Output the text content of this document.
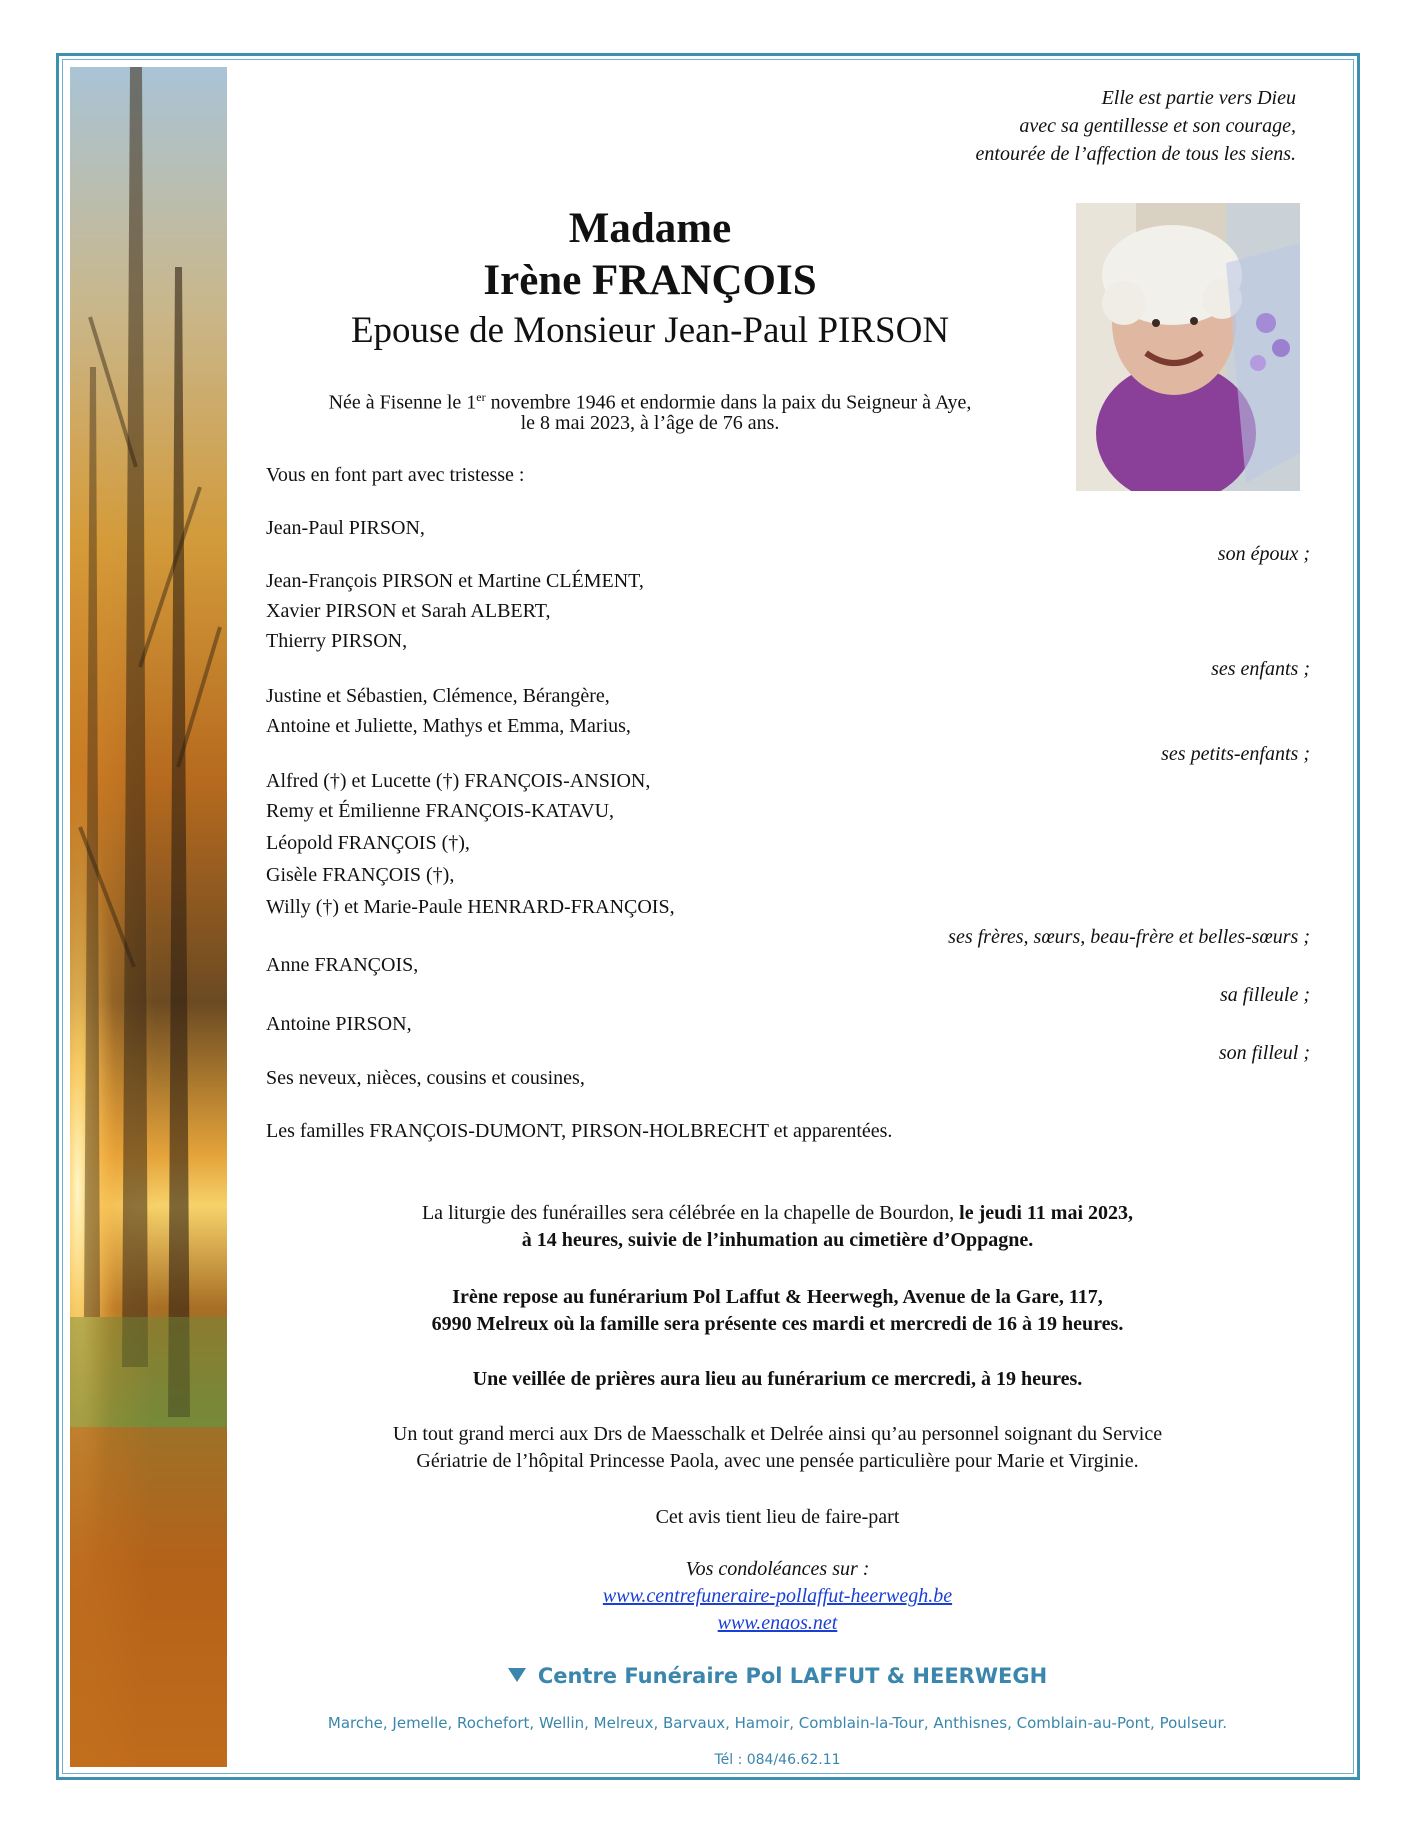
Elle est partie vers Dieu
avec sa gentillesse et son courage,
entourée de l’affection de tous les siens.
Madame
Irène FRANÇOIS
Epouse de Monsieur Jean-Paul PIRSON
Née à Fisenne le 1er novembre 1946 et endormie dans la paix du Seigneur à Aye,
le 8 mai 2023, à l’âge de 76 ans.
Vous en font part avec tristesse :
Jean-Paul PIRSON,
son époux ;
Jean-François PIRSON et Martine CLÉMENT,
Xavier PIRSON et Sarah ALBERT,
Thierry PIRSON,
ses enfants ;
Justine et Sébastien, Clémence, Bérangère,
Antoine et Juliette, Mathys et Emma, Marius,
ses petits-enfants ;
Alfred (†) et Lucette (†) FRANÇOIS-ANSION,
Remy et Émilienne FRANÇOIS-KATAVU,
Léopold FRANÇOIS (†),
Gisèle FRANÇOIS (†),
Willy (†) et Marie-Paule HENRARD-FRANÇOIS,
ses frères, sœurs, beau-frère et belles-sœurs ;
Anne FRANÇOIS,
sa filleule ;
Antoine PIRSON,
son filleul ;
Ses neveux, nièces, cousins et cousines,
Les familles FRANÇOIS-DUMONT, PIRSON-HOLBRECHT et apparentées.
La liturgie des funérailles sera célébrée en la chapelle de Bourdon, le jeudi 11 mai 2023,
à 14 heures, suivie de l’inhumation au cimetière d’Oppagne.
Irène repose au funérarium Pol Laffut & Heerwegh, Avenue de la Gare, 117,
6990 Melreux où la famille sera présente ces mardi et mercredi de 16 à 19 heures.
Une veillée de prières aura lieu au funérarium ce mercredi, à 19 heures.
Un tout grand merci aux Drs de Maesschalk et Delrée ainsi qu’au personnel soignant du Service
Gériatrie de l’hôpital Princesse Paola, avec une pensée particulière pour Marie et Virginie.
Cet avis tient lieu de faire-part
Vos condoléances sur :
www.centrefuneraire-pollaffut-heerwegh.be
www.enaos.net
Centre Funéraire Pol LAFFUT & HEERWEGH
Marche, Jemelle, Rochefort, Wellin, Melreux, Barvaux, Hamoir, Comblain-la-Tour, Anthisnes, Comblain-au-Pont, Poulseur.
Tél : 084/46.62.11
